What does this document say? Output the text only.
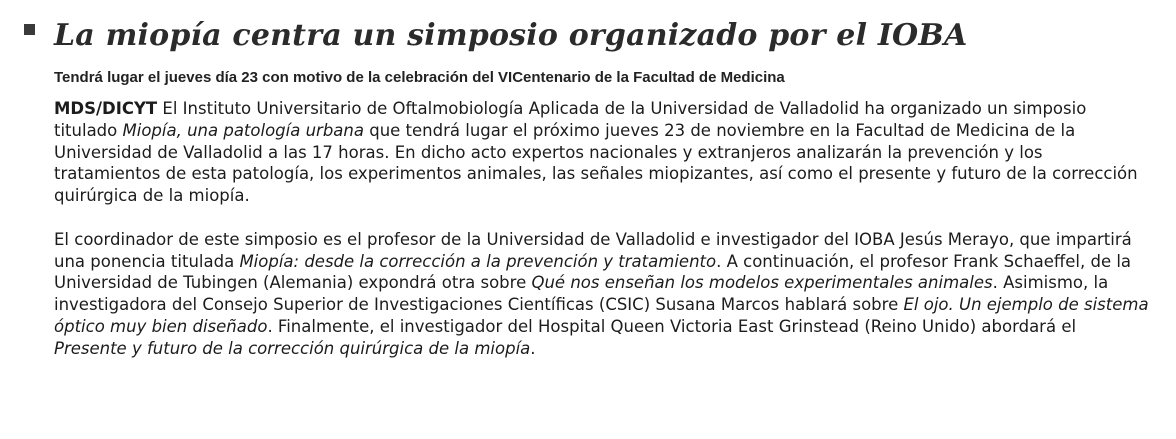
La miopía centra un simposio organizado por el IOBA
Tendrá lugar el jueves día 23 con motivo de la celebración del VICentenario de la Facultad de Medicina

MDS/DICYT El Instituto Universitario de Oftalmobiología Aplicada de la Universidad de Valladolid ha organizado un simposio titulado Miopía, una patología urbana que tendrá lugar el próximo jueves 23 de noviembre en la Facultad de Medicina de la Universidad de Valladolid a las 17 horas. En dicho acto expertos nacionales y extranjeros analizarán la prevención y los tratamientos de esta patología, los experimentos animales, las señales miopizantes, así como el presente y futuro de la corrección quirúrgica de la miopía.

El coordinador de este simposio es el profesor de la Universidad de Valladolid e investigador del IOBA Jesús Merayo, que impartirá una ponencia titulada Miopía: desde la corrección a la prevención y tratamiento. A continuación, el profesor Frank Schaeffel, de la Universidad de Tubingen (Alemania) expondrá otra sobre Qué nos enseñan los modelos experimentales animales. Asimismo, la investigadora del Consejo Superior de Investigaciones Científicas (CSIC) Susana Marcos hablará sobre El ojo. Un ejemplo de sistema óptico muy bien diseñado. Finalmente, el investigador del Hospital Queen Victoria East Grinstead (Reino Unido) abordará el Presente y futuro de la corrección quirúrgica de la miopía.
